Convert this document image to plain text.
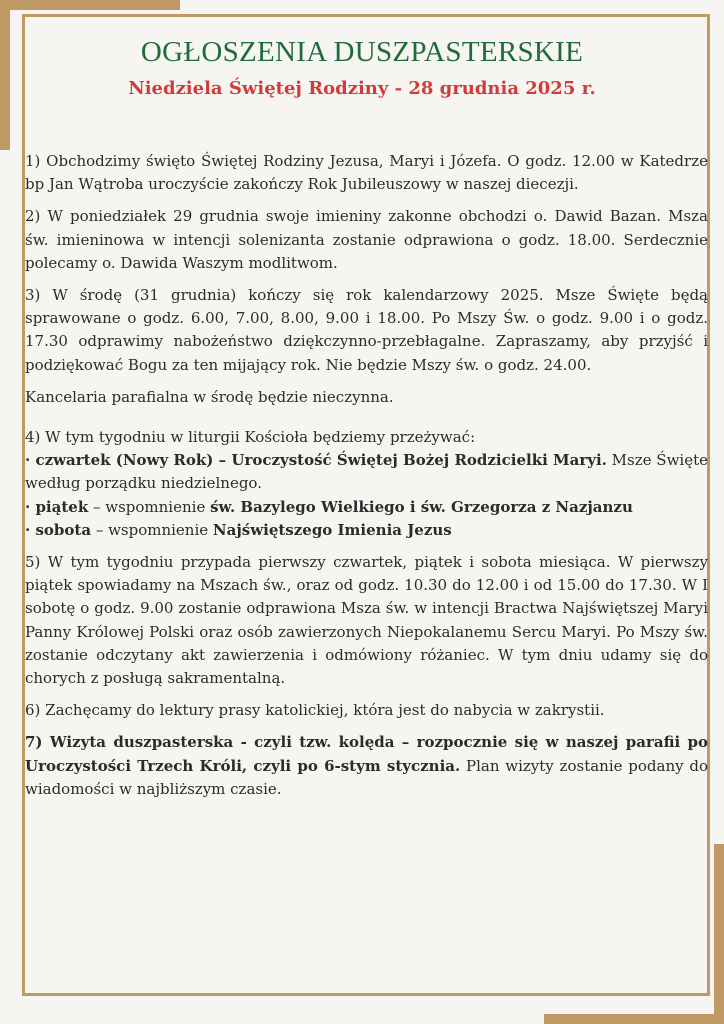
OGŁOSZENIA DUSZPASTERSKIE
Niedziela Świętej Rodziny - 28 grudnia 2025 r.

1) Obchodzimy święto Świętej Rodziny Jezusa, Maryi i Józefa. O godz. 12.00 w Katedrze bp Jan Wątroba uroczyście zakończy Rok Jubileuszowy w naszej diecezji.

2) W poniedziałek 29 grudnia swoje imieniny zakonne obchodzi o. Dawid Bazan. Msza św. imieninowa w intencji solenizanta zostanie odprawiona o godz. 18.00. Serdecznie polecamy o. Dawida Waszym modlitwom.

3) W środę (31 grudnia) kończy się rok kalendarzowy 2025. Msze Święte będą sprawowane o godz. 6.00, 7.00, 8.00, 9.00 i 18.00. Po Mszy Św. o godz. 9.00 i o godz. 17.30 odprawimy nabożeństwo dziękczynno-przebłagalne. Zapraszamy, aby przyjść i podziękować Bogu za ten mijający rok. Nie będzie Mszy św. o godz. 24.00.

Kancelaria parafialna w środę będzie nieczynna.

4) W tym tygodniu w liturgii Kościoła będziemy przeżywać:
· czwartek (Nowy Rok) – Uroczystość Świętej Bożej Rodzicielki Maryi. Msze Święte według porządku niedzielnego.
· piątek – wspomnienie św. Bazylego Wielkiego i św. Grzegorza z Nazjanzu
· sobota – wspomnienie Najświętszego Imienia Jezus

5) W tym tygodniu przypada pierwszy czwartek, piątek i sobota miesiąca. W pierwszy piątek spowiadamy na Mszach św., oraz od godz. 10.30 do 12.00 i od 15.00 do 17.30. W I sobotę o godz. 9.00 zostanie odprawiona Msza św. w intencji Bractwa Najświętszej Maryi Panny Królowej Polski oraz osób zawierzonych Niepokalanemu Sercu Maryi. Po Mszy św. zostanie odczytany akt zawierzenia i odmówiony różaniec. W tym dniu udamy się do chorych z posługą sakramentalną.

6) Zachęcamy do lektury prasy katolickiej, która jest do nabycia w zakrystii.

7) Wizyta duszpasterska - czyli tzw. kolęda – rozpocznie się w naszej parafii po Uroczystości Trzech Króli, czyli po 6-stym stycznia. Plan wizyty zostanie podany do wiadomości w najbliższym czasie.
